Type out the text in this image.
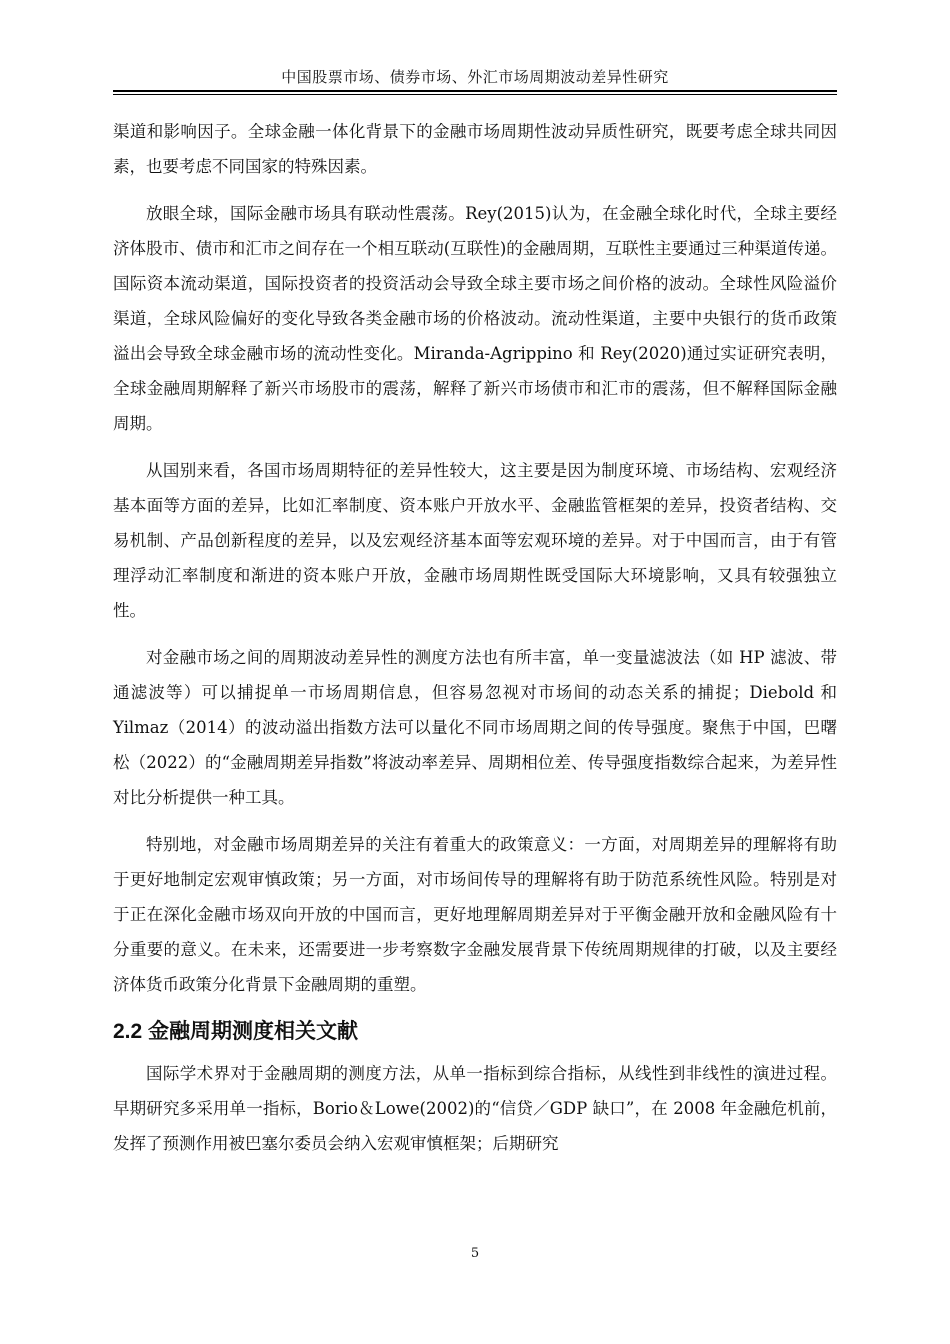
中国股票市场、债券市场、外汇市场周期波动差异性研究

渠道和影响因子。全球金融一体化背景下的金融市场周期性波动异质性研究，既要考虑全球共同因素，也要考虑不同国家的特殊因素。

放眼全球，国际金融市场具有联动性震荡。Rey(2015)认为，在金融全球化时代，全球主要经济体股市、债市和汇市之间存在一个相互联动(互联性)的金融周期，互联性主要通过三种渠道传递。国际资本流动渠道，国际投资者的投资活动会导致全球主要市场之间价格的波动。全球性风险溢价渠道，全球风险偏好的变化导致各类金融市场的价格波动。流动性渠道，主要中央银行的货币政策溢出会导致全球金融市场的流动性变化。Miranda-Agrippino 和 Rey(2020)通过实证研究表明，全球金融周期解释了新兴市场股市的震荡，解释了新兴市场债市和汇市的震荡，但不解释国际金融周期。

从国别来看，各国市场周期特征的差异性较大，这主要是因为制度环境、市场结构、宏观经济基本面等方面的差异，比如汇率制度、资本账户开放水平、金融监管框架的差异，投资者结构、交易机制、产品创新程度的差异，以及宏观经济基本面等宏观环境的差异。对于中国而言，由于有管理浮动汇率制度和渐进的资本账户开放，金融市场周期性既受国际大环境影响，又具有较强独立性。

对金融市场之间的周期波动差异性的测度方法也有所丰富，单一变量滤波法（如 HP 滤波、带通滤波等）可以捕捉单一市场周期信息，但容易忽视对市场间的动态关系的捕捉；Diebold 和 Yilmaz（2014）的波动溢出指数方法可以量化不同市场周期之间的传导强度。聚焦于中国，巴曙松（2022）的“金融周期差异指数”将波动率差异、周期相位差、传导强度指数综合起来，为差异性对比分析提供一种工具。

特别地，对金融市场周期差异的关注有着重大的政策意义：一方面，对周期差异的理解将有助于更好地制定宏观审慎政策；另一方面，对市场间传导的理解将有助于防范系统性风险。特别是对于正在深化金融市场双向开放的中国而言，更好地理解周期差异对于平衡金融开放和金融风险有十分重要的意义。在未来，还需要进一步考察数字金融发展背景下传统周期规律的打破，以及主要经济体货币政策分化背景下金融周期的重塑。

2.2 金融周期测度相关文献

国际学术界对于金融周期的测度方法，从单一指标到综合指标，从线性到非线性的演进过程。早期研究多采用单一指标，Borio＆Lowe(2002)的“信贷／GDP 缺口”，在 2008 年金融危机前，发挥了预测作用被巴塞尔委员会纳入宏观审慎框架；后期研究

5
